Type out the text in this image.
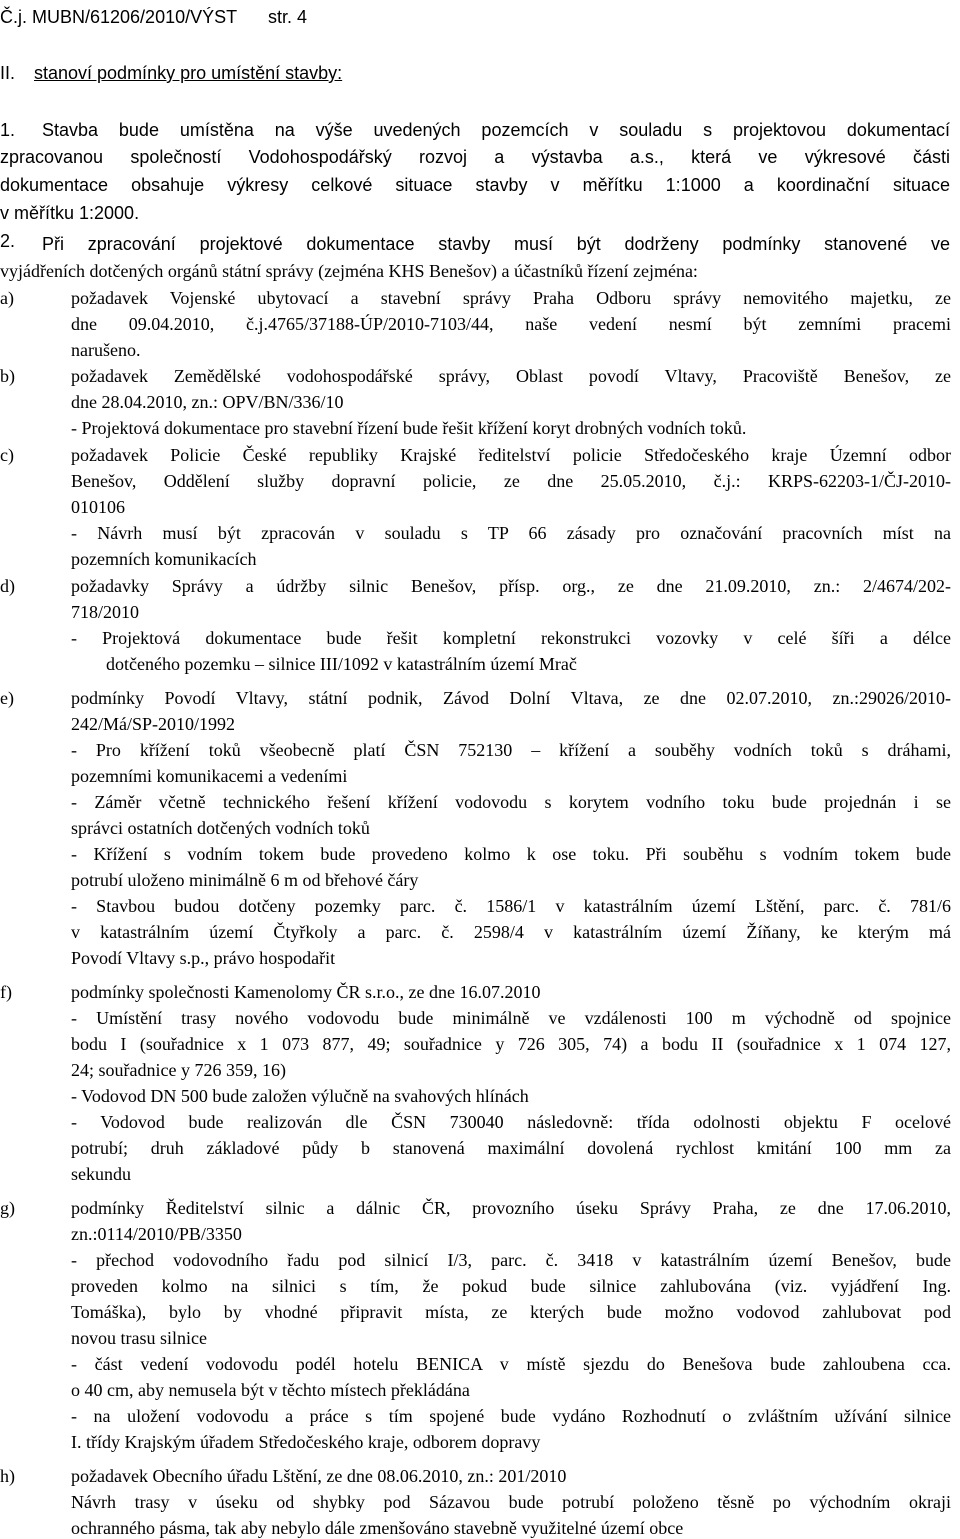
Č.j. MUBN/61206/2010/VÝST str. 4
II.	stanoví podmínky pro umístění stavby:
1. Stavba bude umístěna na výše uvedených pozemcích v souladu s projektovou dokumentací
zpracovanou společností Vodohospodářský rozvoj a výstavba a.s., která ve výkresové části
dokumentace obsahuje výkresy celkové situace stavby v měřítku 1:1000 a koordinační situace
v měřítku 1:2000.
2. Při zpracování projektové dokumentace stavby musí být dodrženy podmínky stanovené ve
vyjádřeních dotčených orgánů státní správy (zejména KHS Benešov) a účastníků řízení zejména:
a)	požadavek Vojenské ubytovací a stavební správy Praha Odboru správy nemovitého majetku, ze
dne 09.04.2010, č.j.4765/37188-ÚP/2010-7103/44, naše vedení nesmí být zemními pracemi
narušeno.
b)	požadavek Zemědělské vodohospodářské správy, Oblast povodí Vltavy, Pracoviště Benešov, ze
dne 28.04.2010, zn.: OPV/BN/336/10
- Projektová dokumentace pro stavební řízení bude řešit křížení koryt drobných vodních toků.
c)	požadavek Policie České republiky Krajské ředitelství policie Středočeského kraje Územní odbor
Benešov, Oddělení služby dopravní policie, ze dne 25.05.2010, č.j.: KRPS-62203-1/ČJ-2010-
010106
- Návrh musí být zpracován v souladu s TP 66 zásady pro označování pracovních míst na
pozemních komunikacích
d)	požadavky Správy a údržby silnic Benešov, přísp. org., ze dne 21.09.2010, zn.: 2/4674/202-
718/2010
- Projektová dokumentace bude řešit kompletní rekonstrukci vozovky v celé šíři a délce
dotčeného pozemku – silnice III/1092 v katastrálním území Mrač
e)	podmínky Povodí Vltavy, státní podnik, Závod Dolní Vltava, ze dne 02.07.2010, zn.:29026/2010-
242/Má/SP-2010/1992
- Pro křížení toků všeobecně platí ČSN 752130 – křížení a souběhy vodních toků s dráhami,
pozemními komunikacemi a vedeními
- Záměr včetně technického řešení křížení vodovodu s korytem vodního toku bude projednán i se
správci ostatních dotčených vodních toků
- Křížení s vodním tokem bude provedeno kolmo k ose toku. Při souběhu s vodním tokem bude
potrubí uloženo minimálně 6 m od břehové čáry
- Stavbou budou dotčeny pozemky parc. č. 1586/1 v katastrálním území Lštění, parc. č. 781/6
v katastrálním území Čtyřkoly a parc. č. 2598/4 v katastrálním území Žíňany, ke kterým má
Povodí Vltavy s.p., právo hospodařit
f)	podmínky společnosti Kamenolomy ČR s.r.o., ze dne 16.07.2010
- Umístění trasy nového vodovodu bude minimálně ve vzdálenosti 100 m východně od spojnice
bodu I (souřadnice x 1 073 877, 49; souřadnice y 726 305, 74) a bodu II (souřadnice x 1 074 127,
24; souřadnice y 726 359, 16)
- Vodovod DN 500 bude založen výlučně na svahových hlínách
- Vodovod bude realizován dle ČSN 730040 následovně: třída odolnosti objektu F ocelové
potrubí; druh základové půdy b stanovená maximální dovolená rychlost kmitání 100 mm za
sekundu
g)	podmínky Ředitelství silnic a dálnic ČR, provozního úseku Správy Praha, ze dne 17.06.2010,
zn.:0114/2010/PB/3350
- přechod vodovodního řadu pod silnicí I/3, parc. č. 3418 v katastrálním území Benešov, bude
proveden kolmo na silnici s tím, že pokud bude silnice zahlubována (viz. vyjádření Ing.
Tomáška), bylo by vhodné připravit místa, ze kterých bude možno vodovod zahlubovat pod
novou trasu silnice
- část vedení vodovodu podél hotelu BENICA v místě sjezdu do Benešova bude zahloubena cca.
o 40 cm, aby nemusela být v těchto místech překládána
- na uložení vodovodu a práce s tím spojené bude vydáno Rozhodnutí o zvláštním užívání silnice
I. třídy Krajským úřadem Středočeského kraje, odborem dopravy
h)	požadavek Obecního úřadu Lštění, ze dne 08.06.2010, zn.: 201/2010
Návrh trasy v úseku od shybky pod Sázavou bude potrubí položeno těsně po východním okraji
ochranného pásma, tak aby nebylo dále zmenšováno stavebně využitelné území obce
